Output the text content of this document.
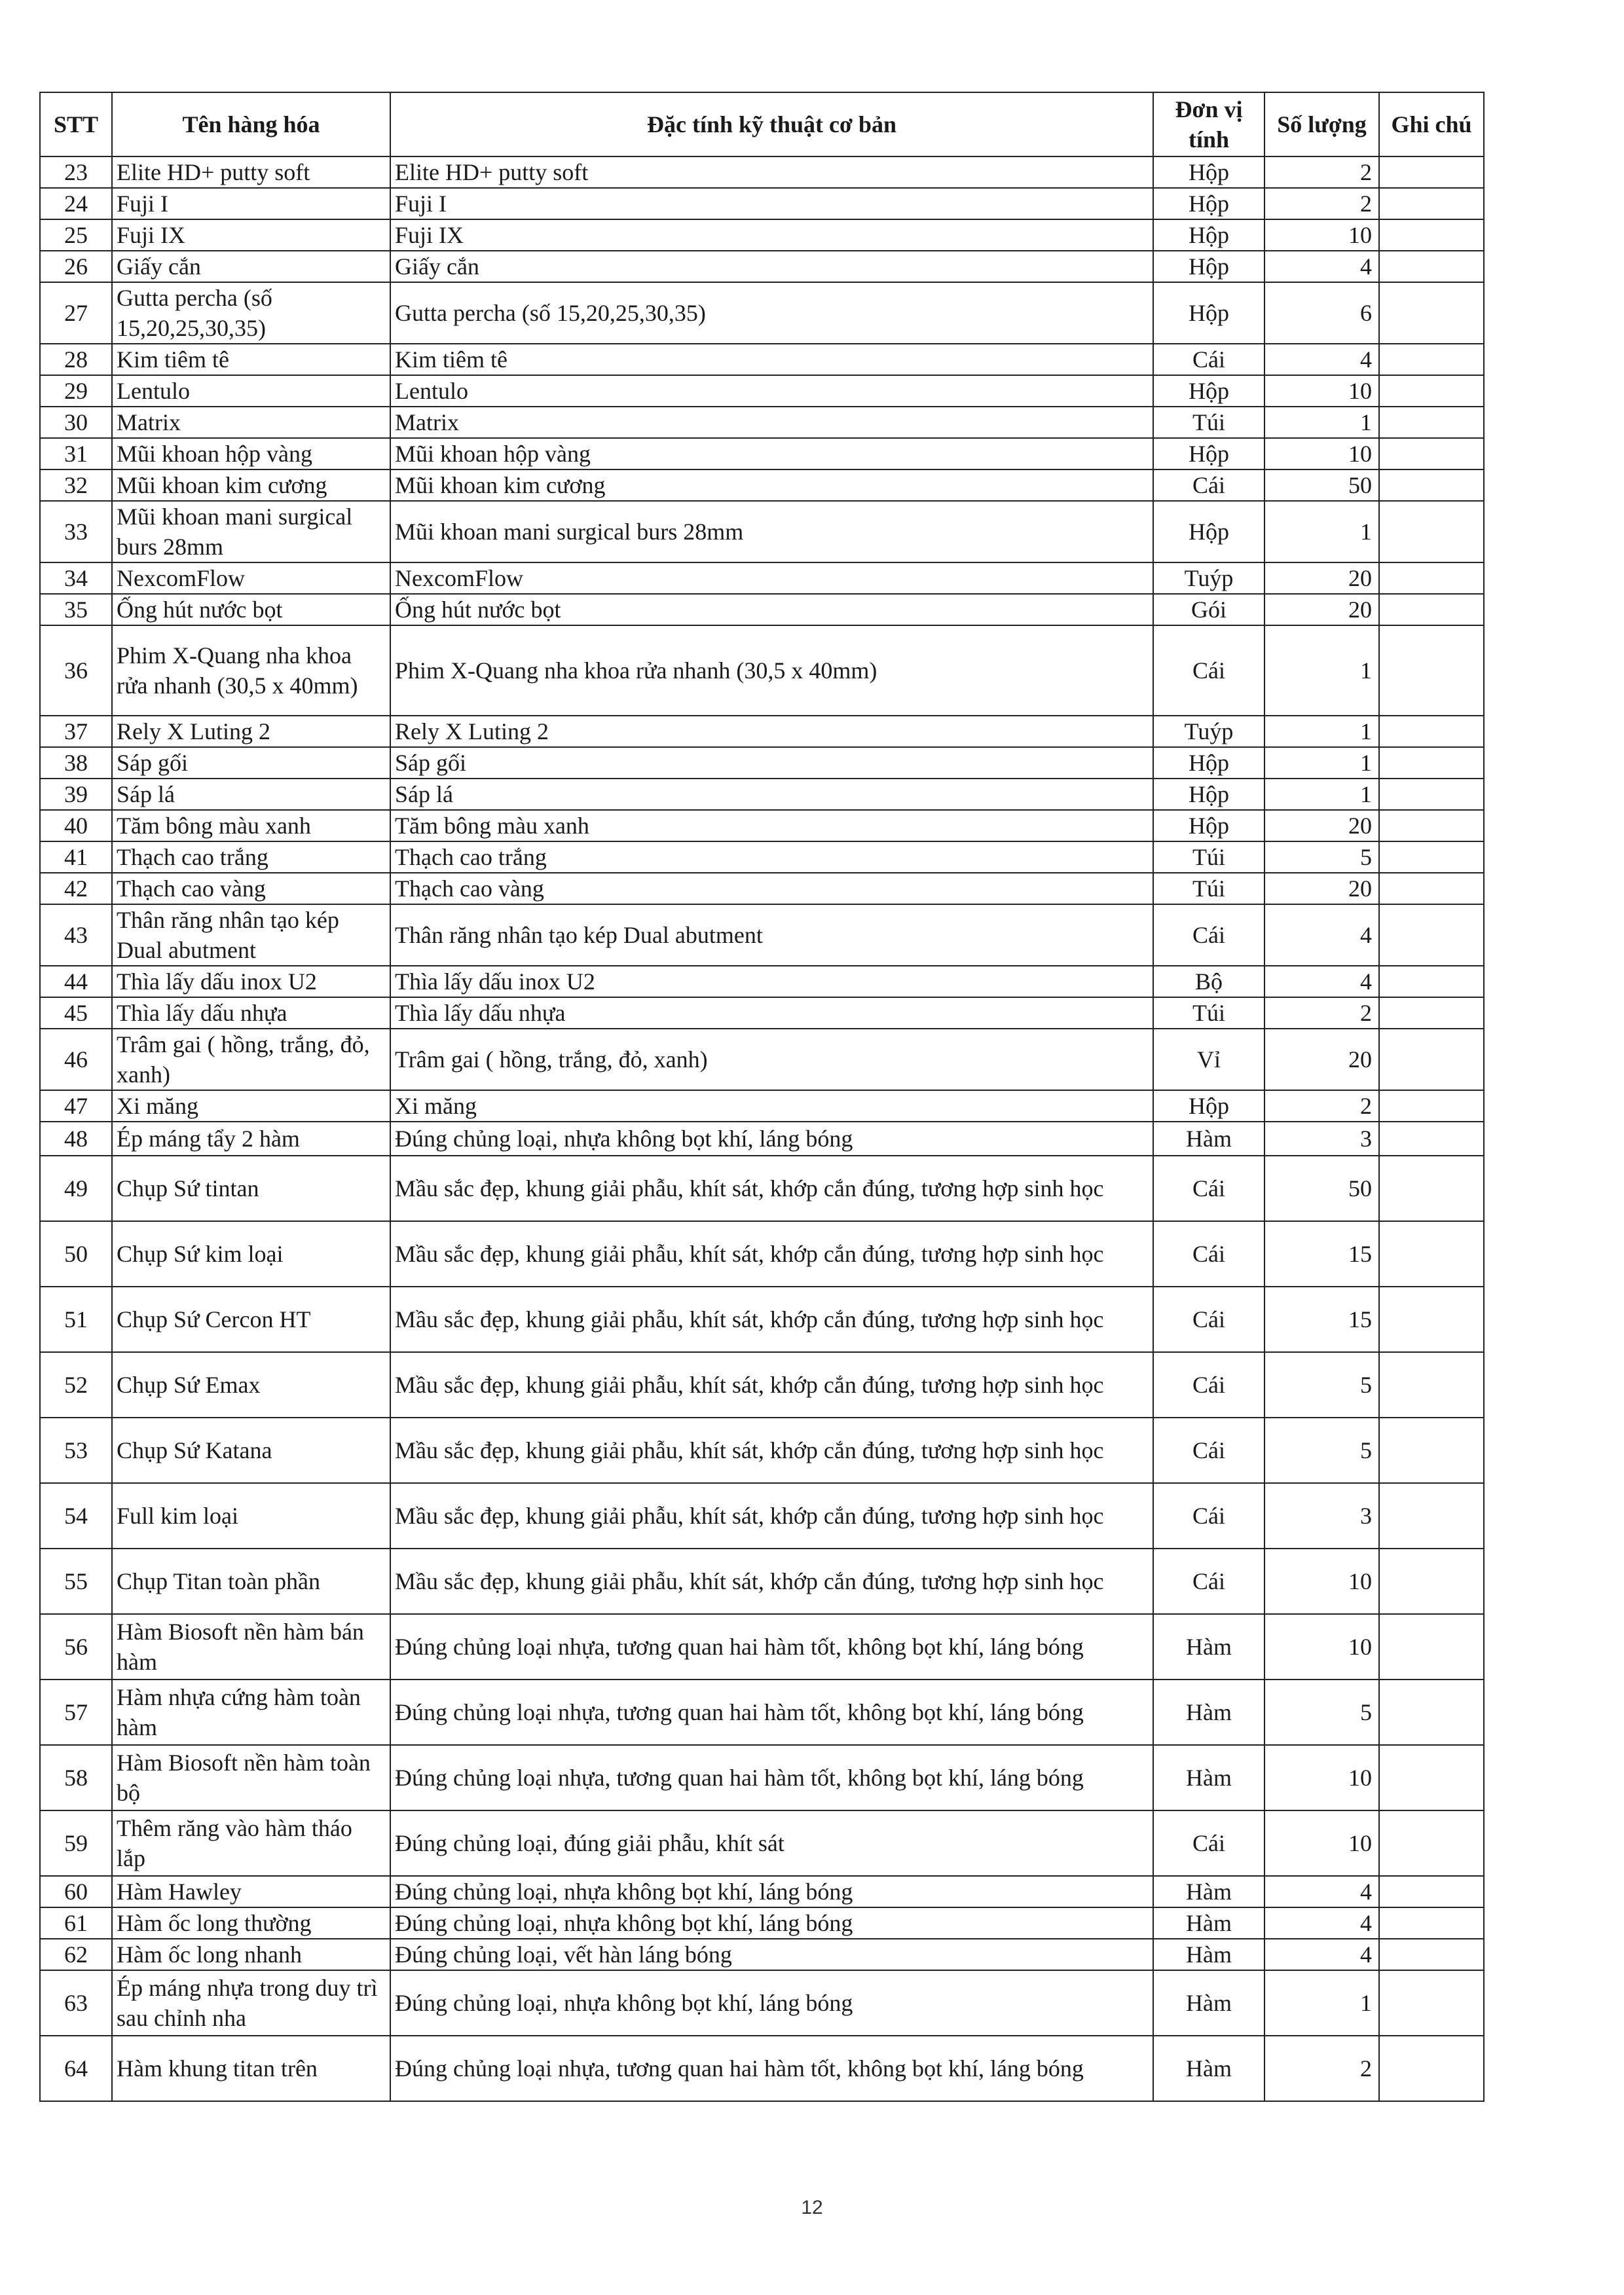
STT	Tên hàng hóa	Đặc tính kỹ thuật cơ bản	Đơn vị tính	Số lượng	Ghi chú
23	Elite HD+ putty soft	Elite HD+ putty soft	Hộp	2	
24	Fuji I	Fuji I	Hộp	2	
25	Fuji IX	Fuji IX	Hộp	10	
26	Giấy cắn	Giấy cắn	Hộp	4	
27	Gutta percha (số 15,20,25,30,35)	Gutta percha (số 15,20,25,30,35)	Hộp	6	
28	Kim tiêm tê	Kim tiêm tê	Cái	4	
29	Lentulo	Lentulo	Hộp	10	
30	Matrix	Matrix	Túi	1	
31	Mũi khoan hộp vàng	Mũi khoan hộp vàng	Hộp	10	
32	Mũi khoan kim cương	Mũi khoan kim cương	Cái	50	
33	Mũi khoan mani surgical burs 28mm	Mũi khoan mani surgical burs 28mm	Hộp	1	
34	NexcomFlow	NexcomFlow	Tuýp	20	
35	Ống hút nước bọt	Ống hút nước bọt	Gói	20	
36	Phim X-Quang nha khoa rửa nhanh (30,5 x 40mm)	Phim X-Quang nha khoa rửa nhanh (30,5 x 40mm)	Cái	1	
37	Rely X Luting 2	Rely X Luting 2	Tuýp	1	
38	Sáp gối	Sáp gối	Hộp	1	
39	Sáp lá	Sáp lá	Hộp	1	
40	Tăm bông màu xanh	Tăm bông màu xanh	Hộp	20	
41	Thạch cao trắng	Thạch cao trắng	Túi	5	
42	Thạch cao vàng	Thạch cao vàng	Túi	20	
43	Thân răng nhân tạo kép Dual abutment	Thân răng nhân tạo kép Dual abutment	Cái	4	
44	Thìa lấy dấu inox U2	Thìa lấy dấu inox U2	Bộ	4	
45	Thìa lấy dấu nhựa	Thìa lấy dấu nhựa	Túi	2	
46	Trâm gai ( hồng, trắng, đỏ, xanh)	Trâm gai ( hồng, trắng, đỏ, xanh)	Vỉ	20	
47	Xi măng	Xi măng	Hộp	2	
48	Ép máng tẩy 2 hàm	Đúng chủng loại, nhựa không bọt khí, láng bóng	Hàm	3	
49	Chụp Sứ tintan	Mầu sắc đẹp, khung giải phẫu, khít sát, khớp cắn đúng, tương hợp sinh học	Cái	50	
50	Chụp Sứ kim loại	Mầu sắc đẹp, khung giải phẫu, khít sát, khớp cắn đúng, tương hợp sinh học	Cái	15	
51	Chụp Sứ Cercon HT	Mầu sắc đẹp, khung giải phẫu, khít sát, khớp cắn đúng, tương hợp sinh học	Cái	15	
52	Chụp Sứ Emax	Mầu sắc đẹp, khung giải phẫu, khít sát, khớp cắn đúng, tương hợp sinh học	Cái	5	
53	Chụp Sứ Katana	Mầu sắc đẹp, khung giải phẫu, khít sát, khớp cắn đúng, tương hợp sinh học	Cái	5	
54	Full kim loại	Mầu sắc đẹp, khung giải phẫu, khít sát, khớp cắn đúng, tương hợp sinh học	Cái	3	
55	Chụp Titan toàn phần	Mầu sắc đẹp, khung giải phẫu, khít sát, khớp cắn đúng, tương hợp sinh học	Cái	10	
56	Hàm Biosoft nền hàm bán hàm	Đúng chủng loại nhựa, tương quan hai hàm tốt, không bọt khí, láng bóng	Hàm	10	
57	Hàm nhựa cứng hàm toàn hàm	Đúng chủng loại nhựa, tương quan hai hàm tốt, không bọt khí, láng bóng	Hàm	5	
58	Hàm Biosoft nền hàm toàn bộ	Đúng chủng loại nhựa, tương quan hai hàm tốt, không bọt khí, láng bóng	Hàm	10	
59	Thêm răng vào hàm tháo lắp	Đúng chủng loại, đúng giải phẫu, khít sát	Cái	10	
60	Hàm Hawley	Đúng chủng loại, nhựa không bọt khí, láng bóng	Hàm	4	
61	Hàm ốc long thường	Đúng chủng loại, nhựa không bọt khí, láng bóng	Hàm	4	
62	Hàm ốc long nhanh	Đúng chủng loại, vết hàn láng bóng	Hàm	4	
63	Ép máng nhựa trong duy trì sau chỉnh nha	Đúng chủng loại, nhựa không bọt khí, láng bóng	Hàm	1	
64	Hàm khung titan trên	Đúng chủng loại nhựa, tương quan hai hàm tốt, không bọt khí, láng bóng	Hàm	2	
12
